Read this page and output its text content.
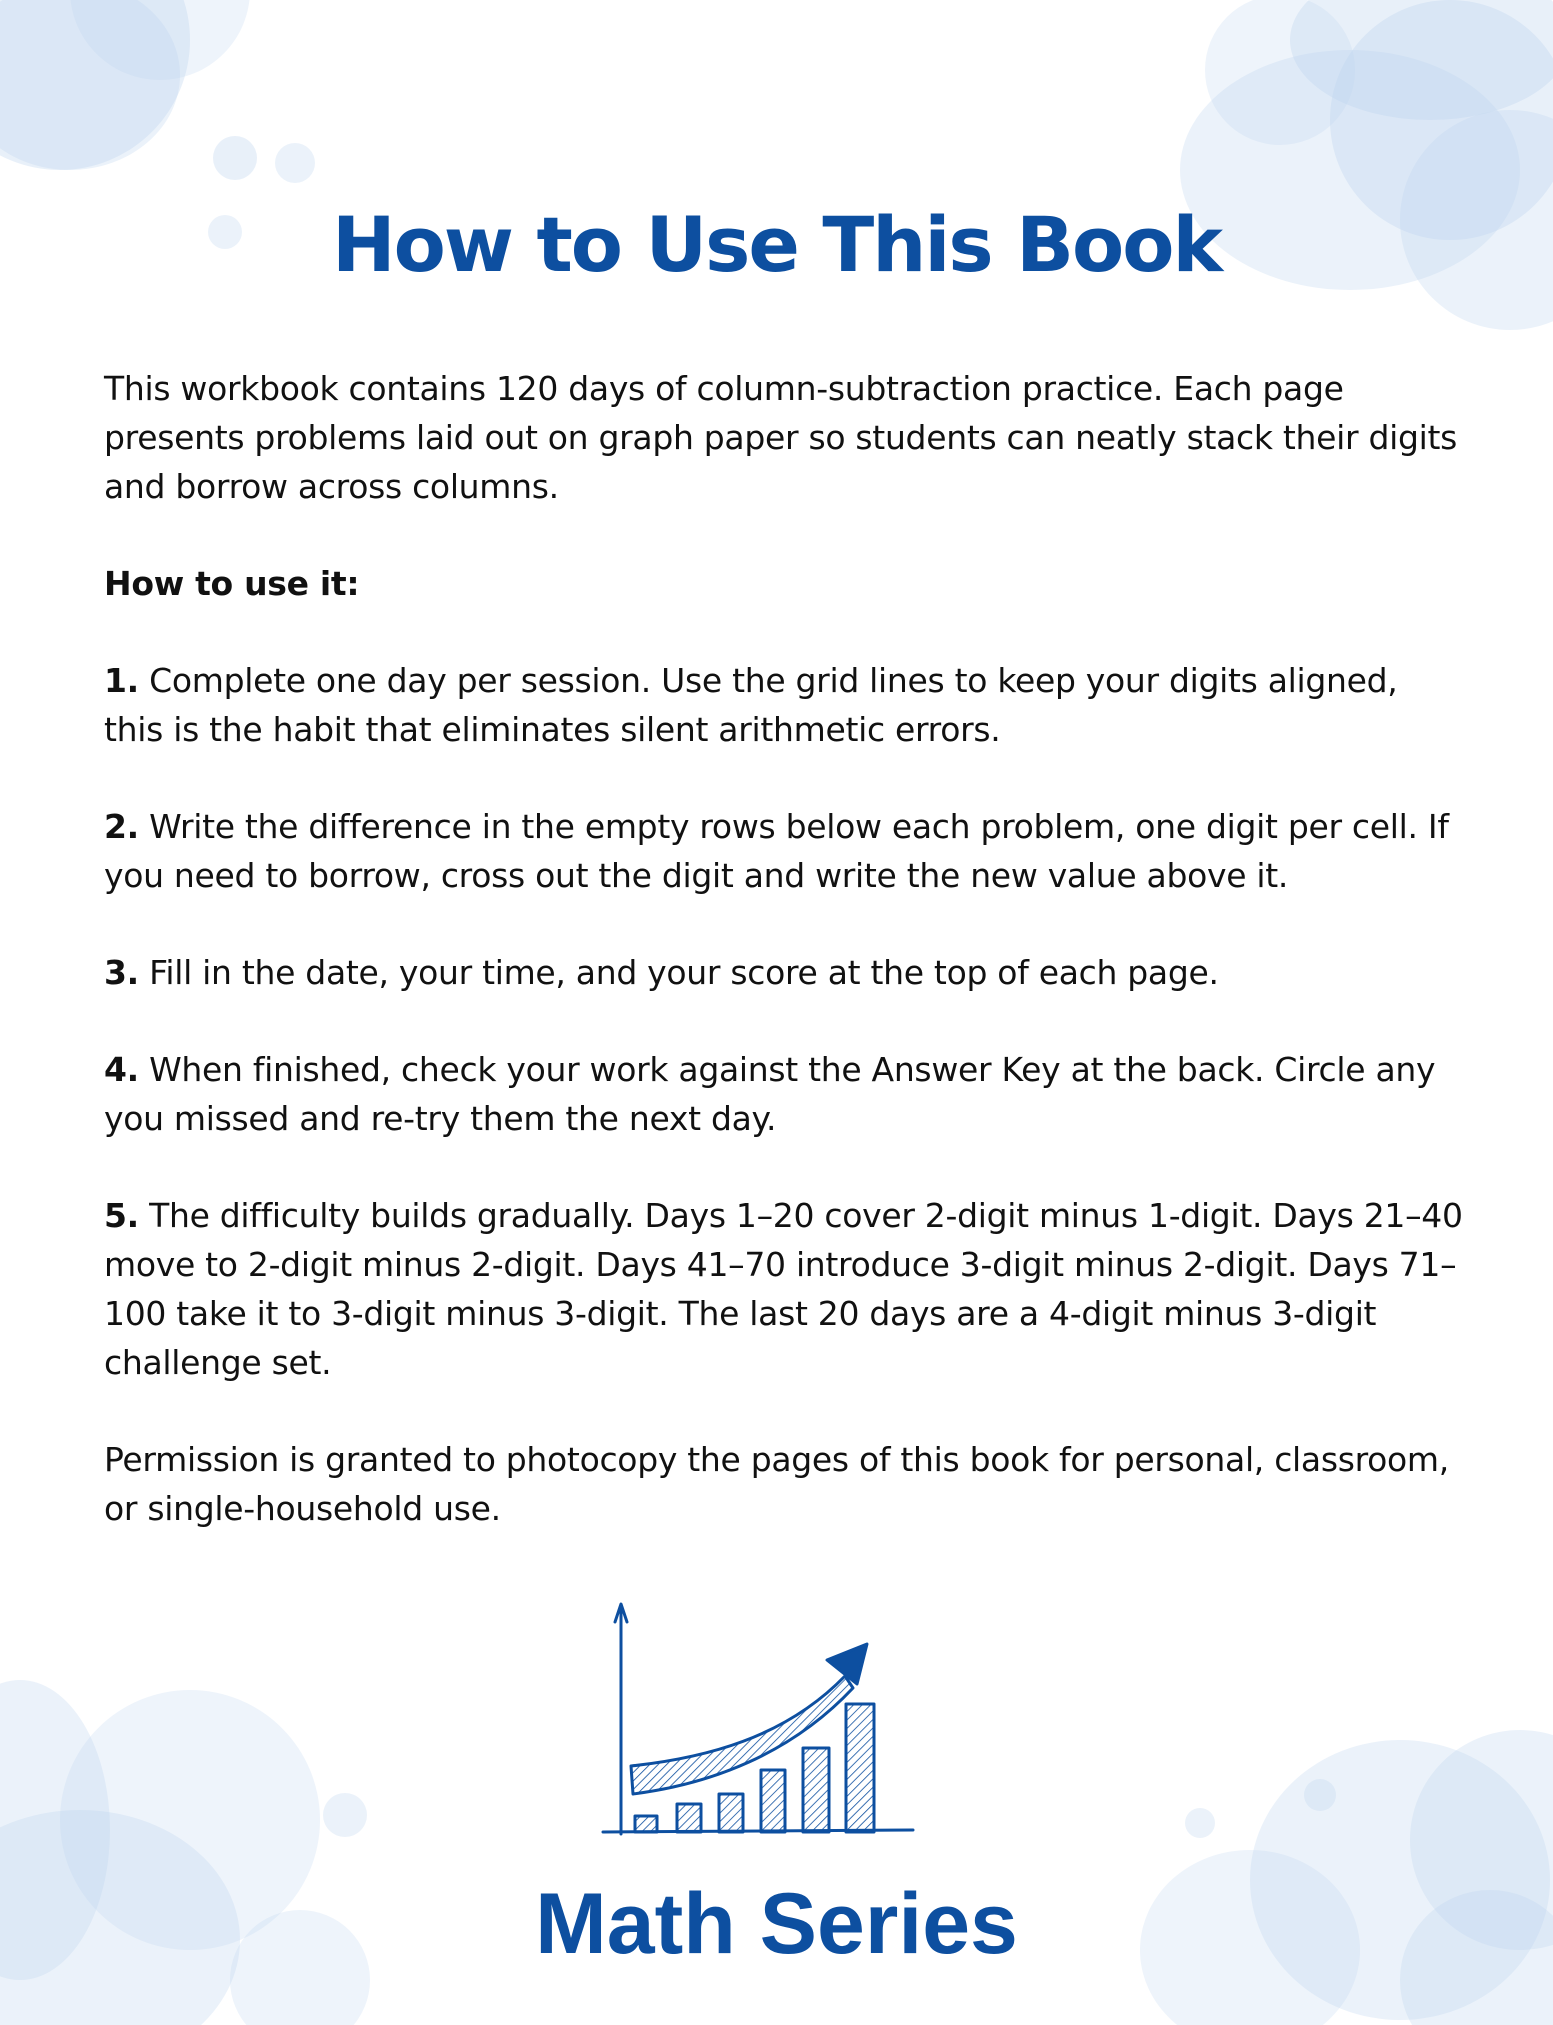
How to Use This Book

This workbook contains 120 days of column-subtraction practice. Each page presents problems laid out on graph paper so students can neatly stack their digits and borrow across columns.

How to use it:

1. Complete one day per session. Use the grid lines to keep your digits aligned, this is the habit that eliminates silent arithmetic errors.

2. Write the difference in the empty rows below each problem, one digit per cell. If you need to borrow, cross out the digit and write the new value above it.

3. Fill in the date, your time, and your score at the top of each page.

4. When finished, check your work against the Answer Key at the back. Circle any you missed and re-try them the next day.

5. The difficulty builds gradually. Days 1–20 cover 2-digit minus 1-digit. Days 21–40 move to 2-digit minus 2-digit. Days 41–70 introduce 3-digit minus 2-digit. Days 71–100 take it to 3-digit minus 3-digit. The last 20 days are a 4-digit minus 3-digit challenge set.

Permission is granted to photocopy the pages of this book for personal, classroom, or single-household use.

Math Series
